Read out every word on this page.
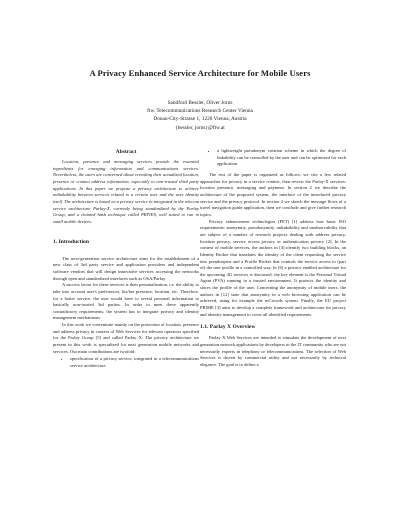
A Privacy Enhanced Service Architecture for Mobile Users
Sandford Bessler, Oliver Jorns
ftw. Telecommunications Research Center Vienna
Donau-City-Strasse 1, 1220 Vienna, Austria
{bessler, jorns}@ftw.at
Abstract

Location, presence and messaging services provide the essential ingredients for emerging information and communications services. Nevertheless, the users are concerned about revealing their actualized location, presence or contact address information, especially to non-trusted third party applications. In this paper we propose a privacy architecture to achieve unlinkability between services related to a certain user and the user identity itself. The architecture is based on a privacy service in integrated in the telecom service architecture Parlay-X, currently being standardized by the Parlay Group, and a claimed hash technique called PRIVES, well suited to run in small mobile devices.

1. Introduction

The next-generation service architecture aims for the establishment of a new class of 3rd party service and application providers and independent software vendors that will design innovative services accessing the networks through open and standardized interfaces such as OSA/Parlay.

A success factor for these services is their personalization, i.e. the ability to take into account user's preferences, his/her presence, location, etc. Therefore, for a better service, the user would have to reveal personal information to basically non-trusted 3rd parties. In order to meet these apparently contradictory requirements, the system has to integrate privacy and identity management mechanisms.

In this work we concentrate mainly on the protection of location, presence and address privacy in context of Web Services for telecom operators specified for the Parlay Group [5] and called Parlay X. The privacy architecture we present in this work is specialized for next generation mobile networks and services. Our main contributions are twofold:

• specification of a privacy service, integrated in a telecommunications service architecture
• a lightweight pseudonym creation scheme in which the degree of linkability can be controlled by the user and can be optimized for each application

The rest of the paper is organized as follows: we cite a few related approaches for privacy in a service context, then review the Parlay-X services: location presence, messaging and payment. In section 2 we describe the architecture of the proposed system, the interface of the introduced privacy service and the privacy protocol. In section 3 we sketch the message flows of a travel navigation guide application, then we conclude and give further research topics.

Privacy enhancement technologies (PET) [1] address four basic ISO requirements: anonymity, pseudonymity, unlinkability and unobservability that are subject of a number of research projects dealing with address privacy, location privacy, service access privacy or authentication privacy [2]. In the context of mobile services, the authors in [4] identify two building blocks, an Identity Broker that translates the identity of the client requesting the service into pseudonyms and a Profile Broker that controls the service access to (part of) the user profile in a controlled way. In [6] a privacy enabled architecture for the upcoming 4G services is discussed: the key element is the Personal Virtual Agent (PVA) running in a trusted environment. It protects the identity and stores the profile of the user. Concerning the anonymity of mobile users, the authors in [12] state that anonymity in a web browsing application can be achieved, using for example the mCrowds system. Finally, the EU project PRIME [3] aims to develop a complete framework and architecture for privacy and identity management to cover all identified requirements.

1.1. Parlay X Overview

Parlay X Web Services are intended to stimulate the development of next generation network applications by developers in the IT community who are not necessarily experts in telephony or telecommunications. The selection of Web Services is driven by commercial utility and not necessarily by technical elegance. The goal is to define a
